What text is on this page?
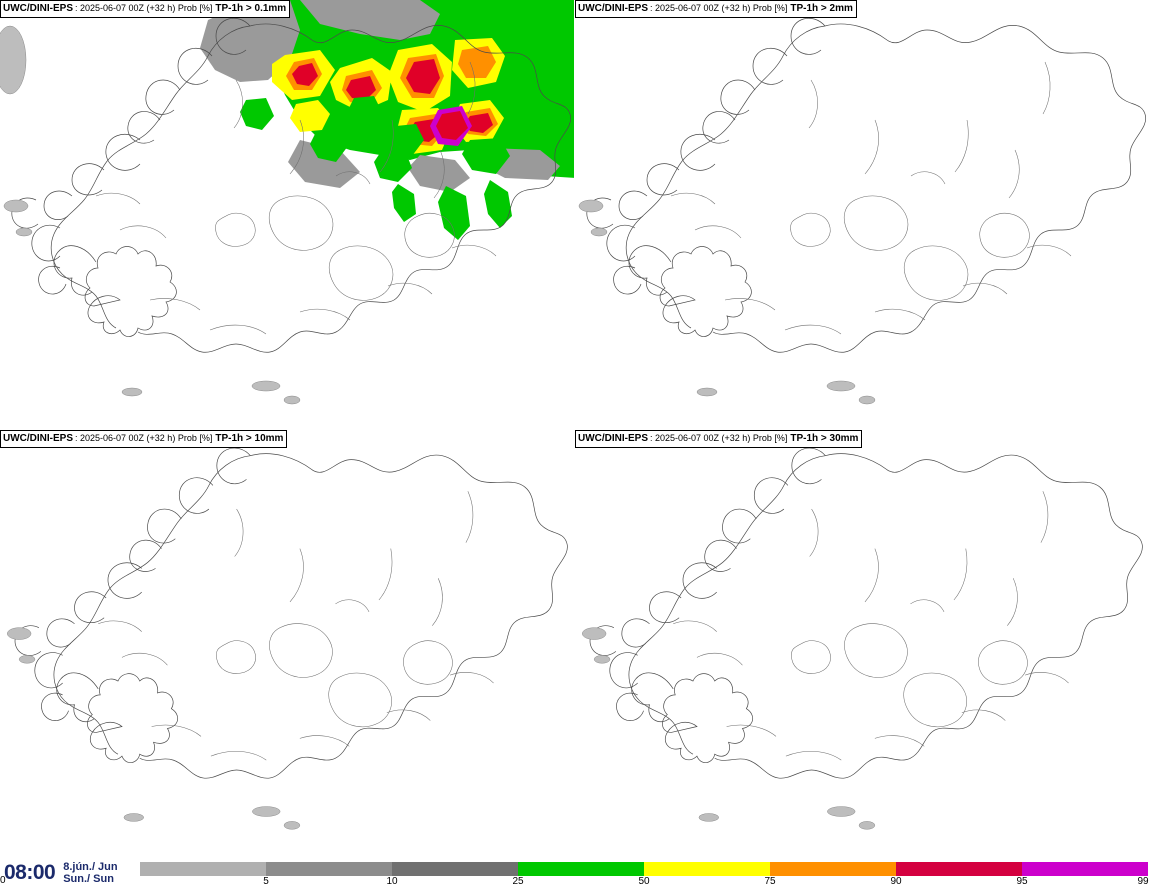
UWC/DINI-EPS : 2025-06-07 00Z (+32 h) Prob [%] TP-1h > 0.1mm	UWC/DINI-EPS : 2025-06-07 00Z (+32 h) Prob [%] TP-1h > 2mm
UWC/DINI-EPS : 2025-06-07 00Z (+32 h) Prob [%] TP-1h > 10mm	UWC/DINI-EPS : 2025-06-07 00Z (+32 h) Prob [%] TP-1h > 30mm
08:00 8.jún./ Jun
Sun./ Sun	5	10	25	50	75	90	95	99
0
